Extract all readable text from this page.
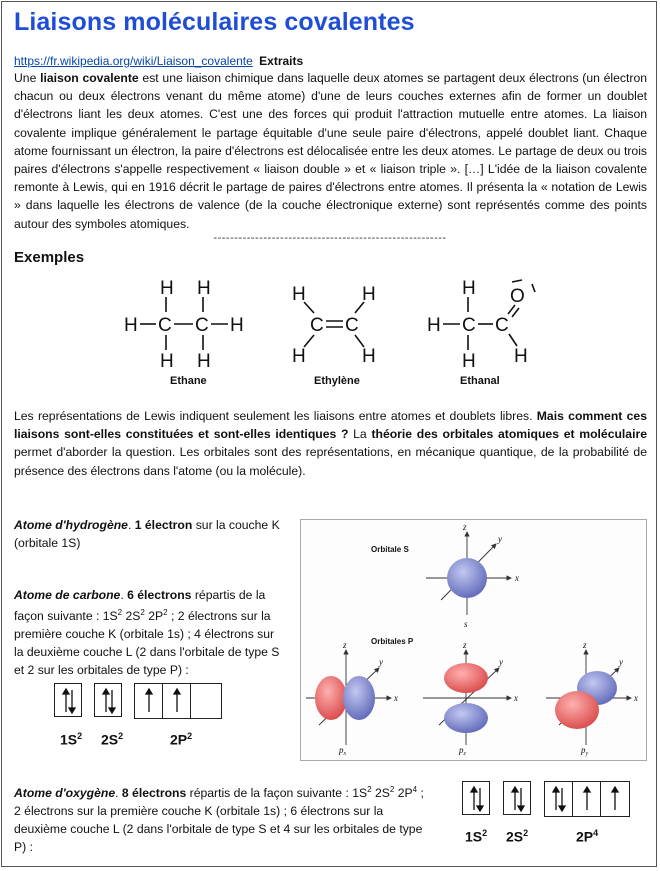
Liaisons moléculaires covalentes
https://fr.wikipedia.org/wiki/Liaison_covalente Extraits
Une liaison covalente est une liaison chimique dans laquelle deux atomes se partagent deux électrons (un électron chacun ou deux électrons venant du même atome) d'une de leurs couches externes afin de former un doublet d'électrons liant les deux atomes. C'est une des forces qui produit l'attraction mutuelle entre atomes. La liaison covalente implique généralement le partage équitable d'une seule paire d'électrons, appelé doublet liant. Chaque atome fournissant un électron, la paire d'électrons est délocalisée entre les deux atomes. Le partage de deux ou trois paires d'électrons s'appelle respectivement « liaison double » et « liaison triple ». […] L'idée de la liaison covalente remonte à Lewis, qui en 1916 décrit le partage de paires d'électrons entre atomes. Il présenta la « notation de Lewis » dans laquelle les électrons de valence (de la couche électronique externe) sont représentés comme des points autour des symboles atomiques.
--------------------------------------------------------
Exemples
H H
H C C H
H H
H	H
C C
H	H
H
H C C
O
H H
Ethane	Ethylène	Ethanal
Les représentations de Lewis indiquent seulement les liaisons entre atomes et doublets libres. Mais comment ces liaisons sont-elles constituées et sont-elles identiques ? La théorie des orbitales atomiques et moléculaire permet d'aborder la question. Les orbitales sont des représentations, en mécanique quantique, de la probabilité de présence des électrons dans l'atome (ou la molécule).
Atome d'hydrogène. 1 électron sur la couche K (orbitale 1S)
Atome de carbone. 6 électrons répartis de la façon suivante : $1S^2$ $2S^2$ $2P^2$ ; 2 électrons sur la première couche K (orbitale 1s) ; 4 électrons sur la deuxième couche L (2 dans l'orbitale de type S et 2 sur les orbitales de type P) :
$1S^2$ $2S^2$	$2P^2$
Orbitale S
Orbitales P
z
x
y
s
z
x
y
z
x
y
z
x
y
$p_x$	$p_z$	$p_y$
Atome d'oxygène. 8 électrons répartis de la façon suivante : $1S^2$ $2S^2$ $2P^4$ ; 2 électrons sur la première couche K (orbitale 1s) ; 6 électrons sur la deuxième couche L (2 dans l'orbitale de type S et 4 sur les orbitales de type P) :
$1S^2$ $2S^2$	$2P^4$
